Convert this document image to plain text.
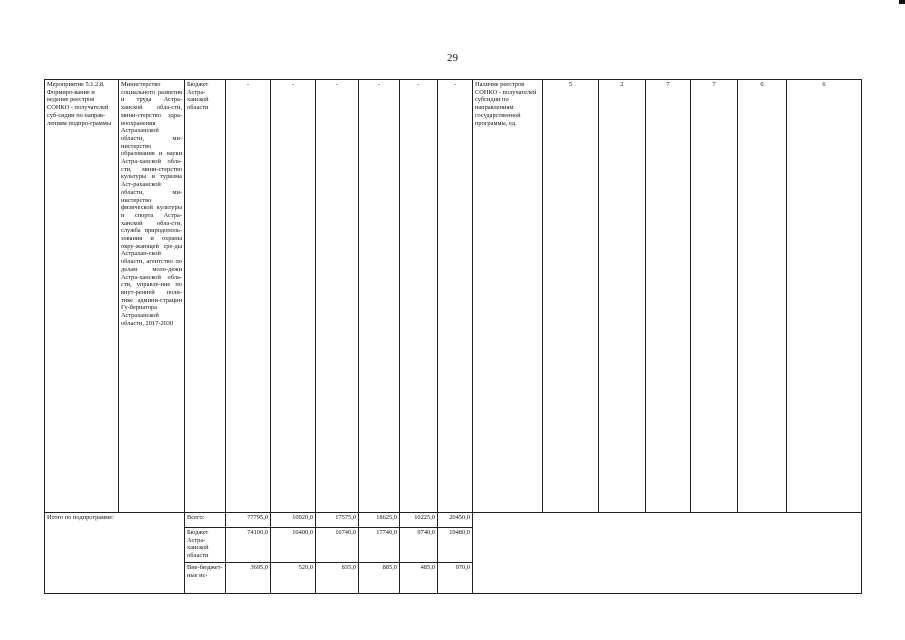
29
Мероприятие 5.1.2.8. Формиро-вание и ведение реестров СОНКО - получателей суб-сидии по направ-лениям подпро-граммы	Министерство социального развития и труда Астра-ханской обла-сти, мини-стерство здра-воохранения Астраханской области, ми-нистерство образования и науки Астра-ханской обла-сти, мини-стерство культуры и туризма Аст-раханской области, ми-нистерство физической культуры и спорта Астра-ханской обла-сти, служба природополь-зования и охраны окру-жающей сре-ды Астрахан-ской области, агентство по делам моло-дежи Астра-ханской обла-сти, управле-ние по внут-ренней поли-тике админи-страции Гу-бернатора Астраханской области, 2017-2030	Бюджет Астра-ханской области	-	-	-	-	-	-	Наличие реестров СОНКО - получателей субсидии по направлениям государственной программы, ед.	5	2	7	7	6	6
Итого по подпрограмме:		Всего:	77795,0	10920,0	17575,0	18625,0	10225,0	20450,0							
		Бюджет Астра-ханской области	74100,0	10400,0	16740,0	17740,0	9740,0	19480,0							
		Вне-бюджет-ные ис-	3695,0	520,0	835,0	885,0	485,0	970,0							
